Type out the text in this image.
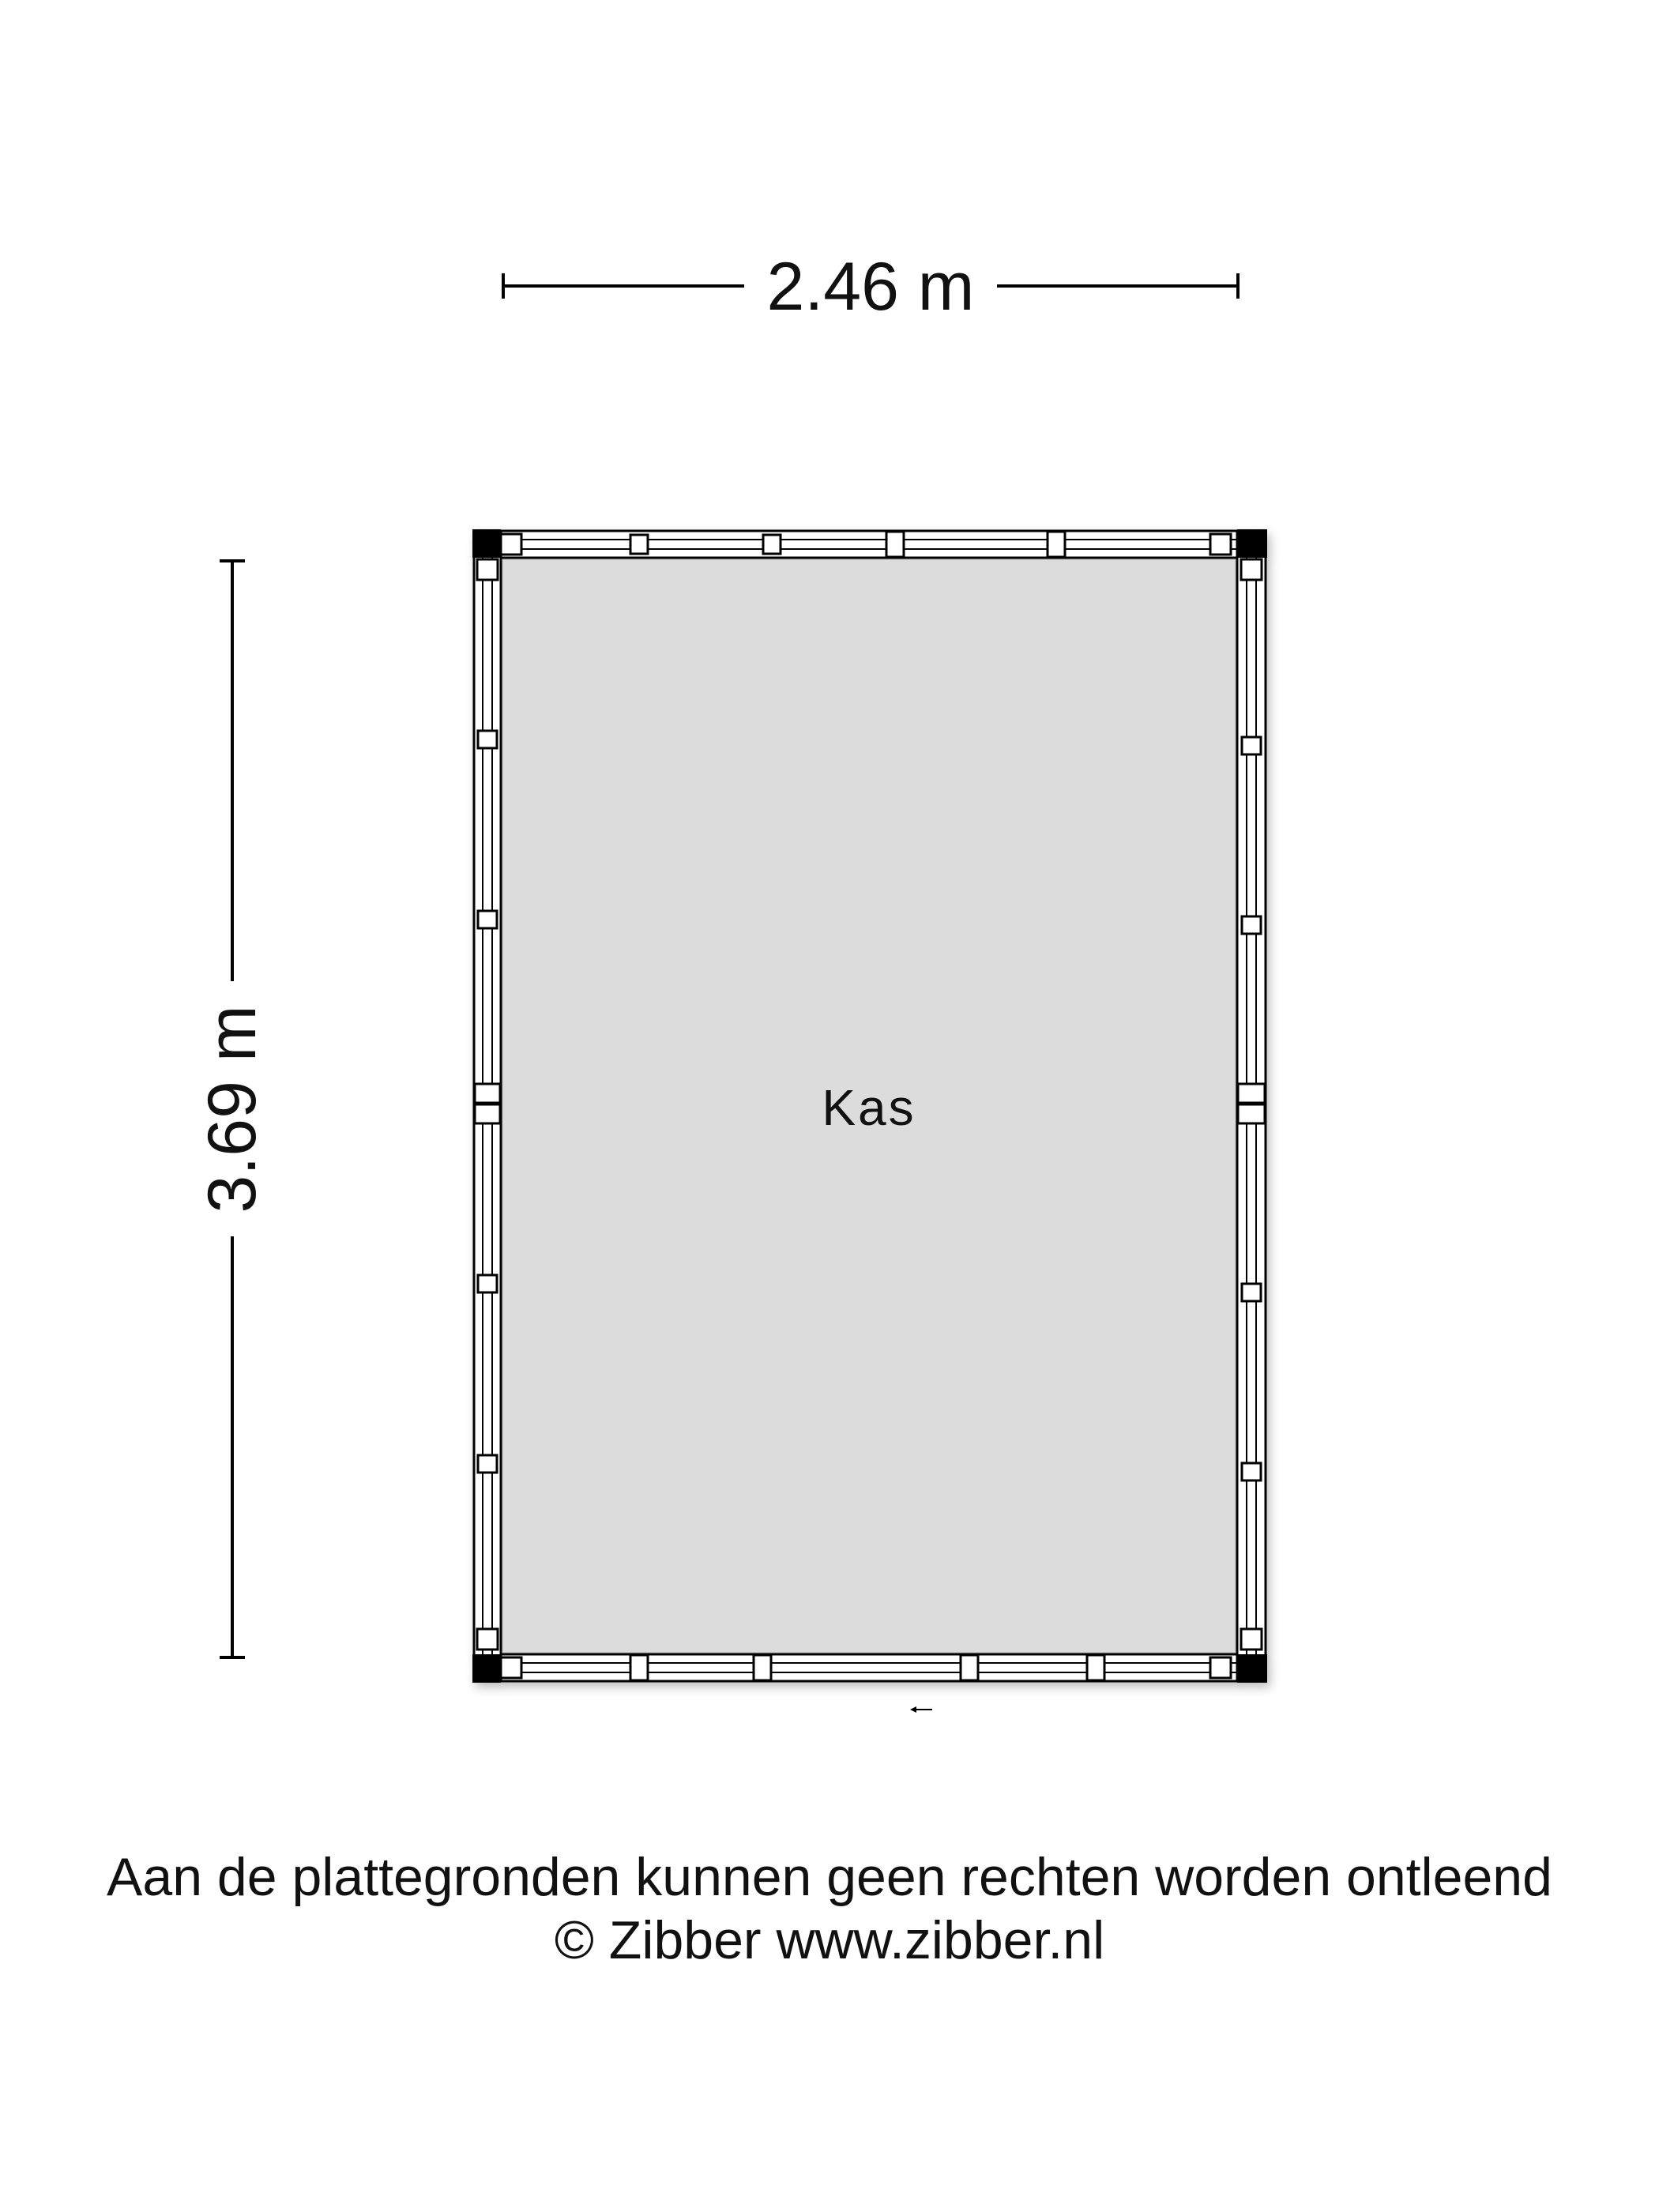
2.46 m
3.69 m	Kas
Aan de plattegronden kunnen geen rechten worden ontleend
© Zibber www.zibber.nl
